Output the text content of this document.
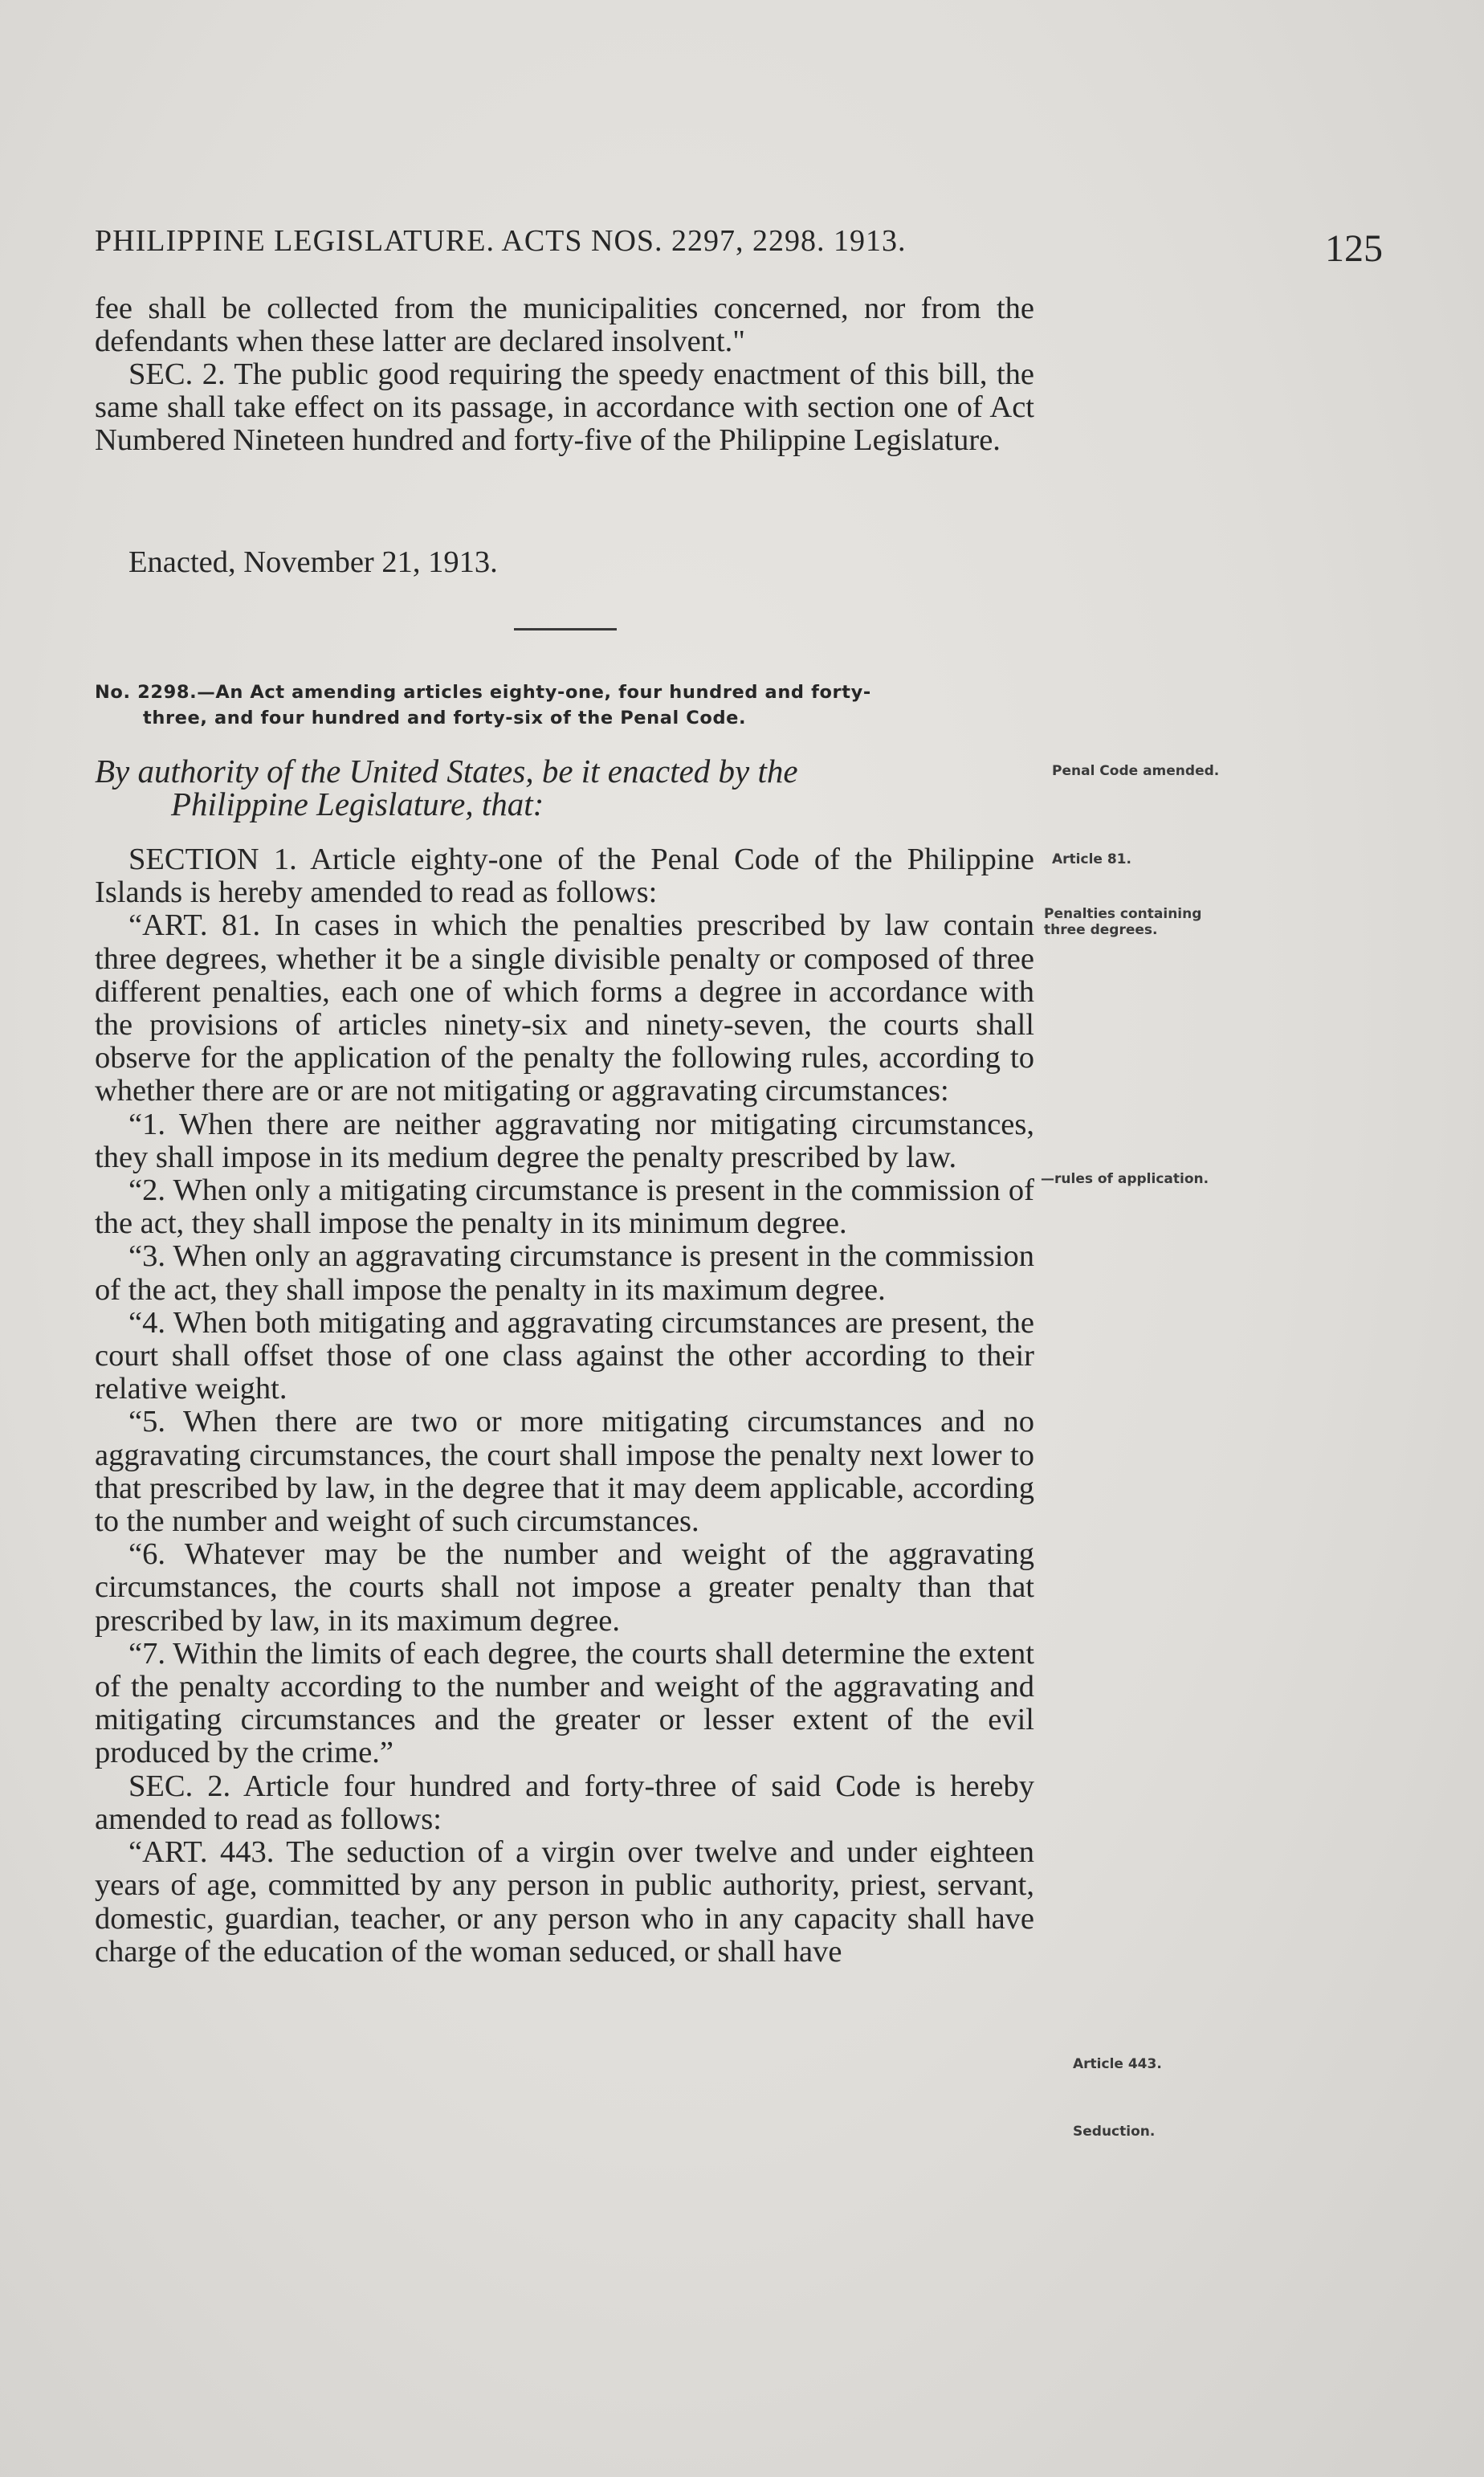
PHILIPPINE LEGISLATURE. ACTS NOS. 2297, 2298. 1913.	125

fee shall be collected from the municipalities concerned, nor from the defendants when these latter are declared insolvent."

SEC. 2. The public good requiring the speedy enactment of this bill, the same shall take effect on its passage, in accordance with section one of Act Numbered Nineteen hundred and forty-five of the Philippine Legislature.

Enacted, November 21, 1913.
No. 2298.—An Act amending articles eighty-one, four hundred and forty-
three, and four hundred and forty-six of the Penal Code.
By authority of the United States, be it enacted by the
Philippine Legislature, that:

SECTION 1. Article eighty-one of the Penal Code of the Philippine Islands is hereby amended to read as follows:

“ART. 81. In cases in which the penalties prescribed by law contain three degrees, whether it be a single divisible penalty or composed of three different penalties, each one of which forms a degree in accordance with the provisions of articles ninety-six and ninety-seven, the courts shall observe for the application of the penalty the following rules, according to whether there are or are not mitigating or aggravating circumstances:

“1. When there are neither aggravating nor mitigating circumstances, they shall impose in its medium degree the penalty prescribed by law.

“2. When only a mitigating circumstance is present in the commission of the act, they shall impose the penalty in its minimum degree.

“3. When only an aggravating circumstance is present in the commission of the act, they shall impose the penalty in its maximum degree.

“4. When both mitigating and aggravating circumstances are present, the court shall offset those of one class against the other according to their relative weight.

“5. When there are two or more mitigating circumstances and no aggravating circumstances, the court shall impose the penalty next lower to that prescribed by law, in the degree that it may deem applicable, according to the number and weight of such circumstances.

“6. Whatever may be the number and weight of the aggravating circumstances, the courts shall not impose a greater penalty than that prescribed by law, in its maximum degree.

“7. Within the limits of each degree, the courts shall determine the extent of the penalty according to the number and weight of the aggravating and mitigating circumstances and the greater or lesser extent of the evil produced by the crime.”

SEC. 2. Article four hundred and forty-three of said Code is hereby amended to read as follows:

“ART. 443. The seduction of a virgin over twelve and under eighteen years of age, committed by any person in public authority, priest, servant, domestic, guardian, teacher, or any person who in any capacity shall have charge of the education of the woman seduced, or shall have

Penal Code amended.
Article 81.
Penalties containing
three degrees.
—rules of application.
Article 443.
Seduction.
